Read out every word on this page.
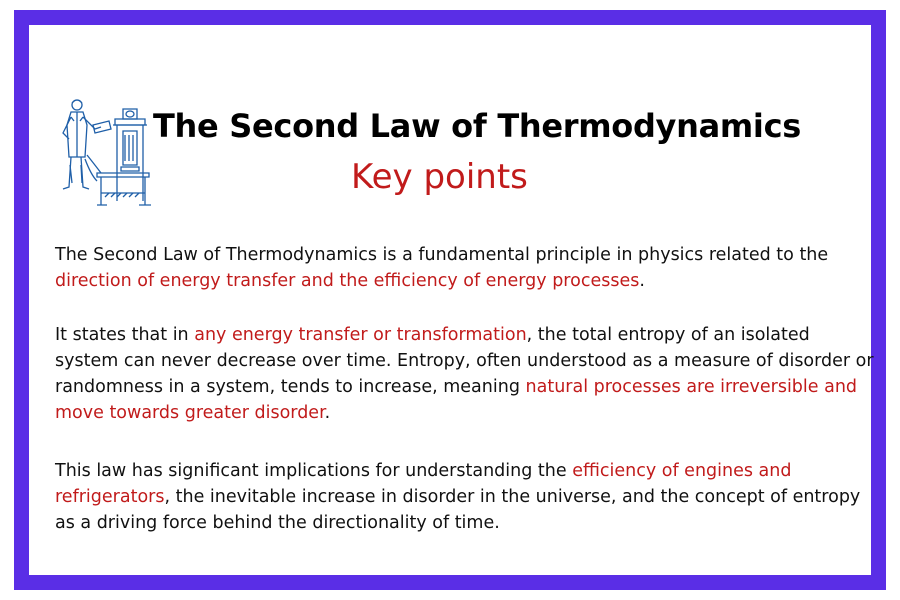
The Second Law of Thermodynamics
Key points

The Second Law of Thermodynamics is a fundamental principle in physics related to the direction of energy transfer and the efficiency of energy processes.

It states that in any energy transfer or transformation, the total entropy of an isolated system can never decrease over time. Entropy, often understood as a measure of disorder or randomness in a system, tends to increase, meaning natural processes are irreversible and move towards greater disorder.

This law has significant implications for understanding the efficiency of engines and refrigerators, the inevitable increase in disorder in the universe, and the concept of entropy as a driving force behind the directionality of time.
